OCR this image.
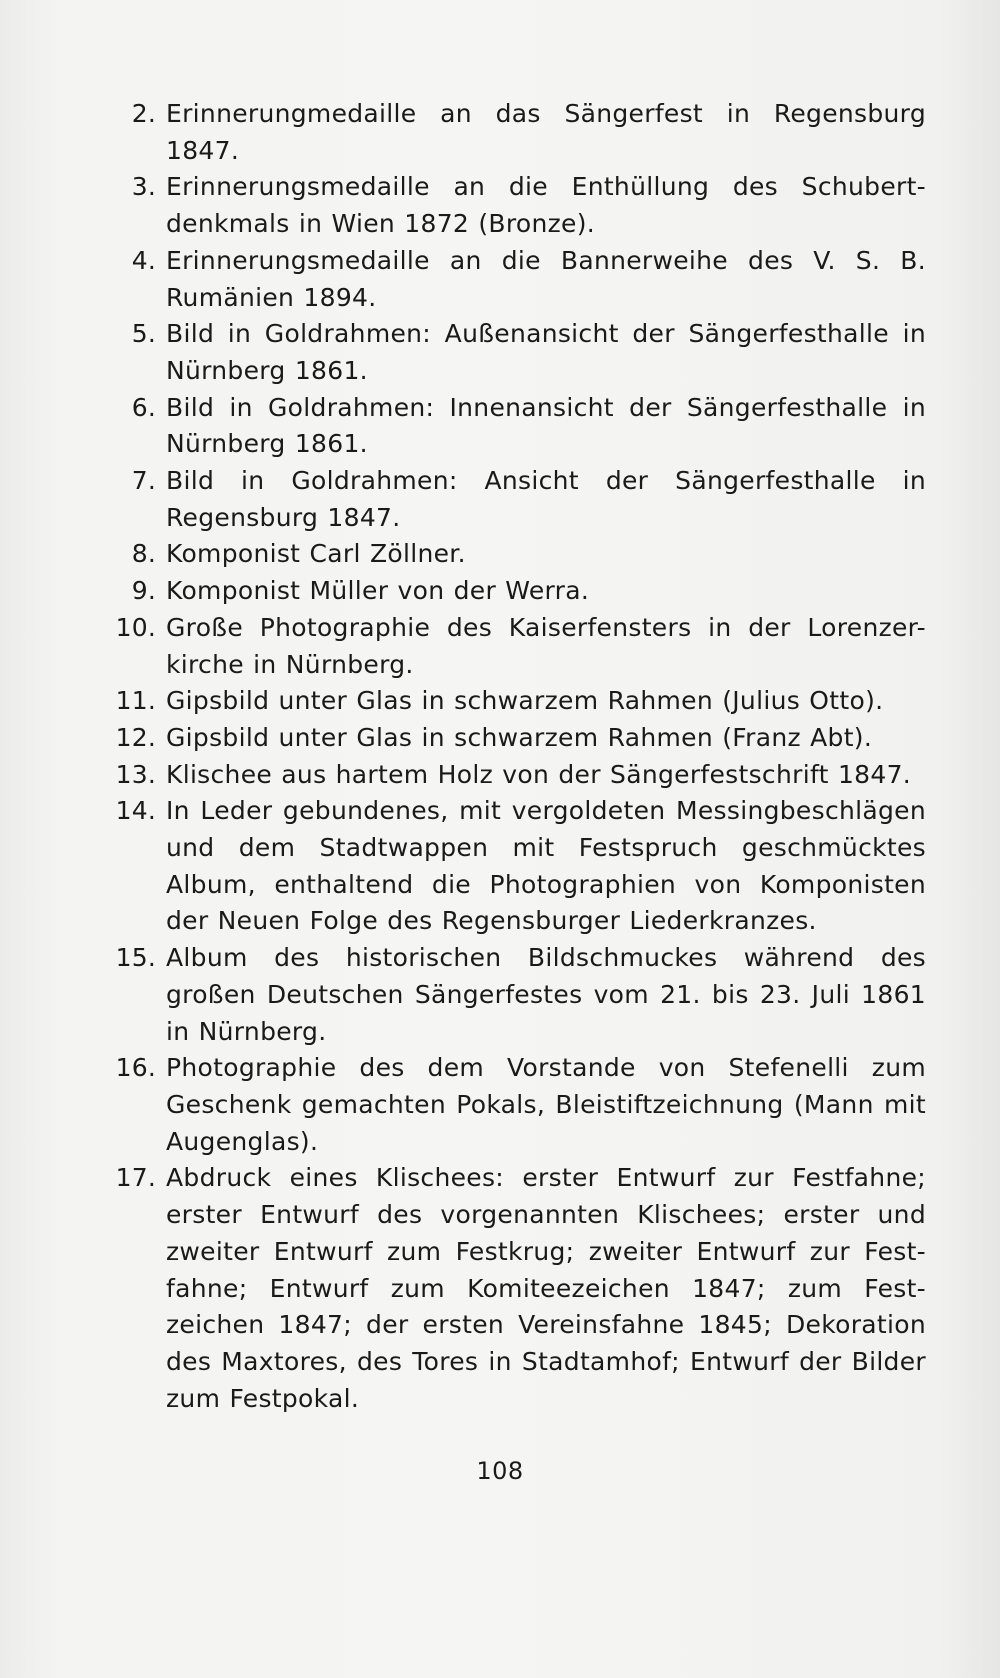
2. Erinnerungmedaille an das Sängerfest in Regensburg 1847.
3. Erinnerungsmedaille an die Enthüllung des Schubert-denkmals in Wien 1872 (Bronze).
4. Erinnerungsmedaille an die Bannerweihe des V. S. B. Rumänien 1894.
5. Bild in Goldrahmen: Außenansicht der Sängerfesthalle in Nürnberg 1861.
6. Bild in Goldrahmen: Innenansicht der Sängerfesthalle in Nürnberg 1861.
7. Bild in Goldrahmen: Ansicht der Sängerfesthalle in Regensburg 1847.
8. Komponist Carl Zöllner.
9. Komponist Müller von der Werra.
10. Große Photographie des Kaiserfensters in der Lorenzer-kirche in Nürnberg.
11. Gipsbild unter Glas in schwarzem Rahmen (Julius Otto).
12. Gipsbild unter Glas in schwarzem Rahmen (Franz Abt).
13. Klischee aus hartem Holz von der Sängerfestschrift 1847.
14. In Leder gebundenes, mit vergoldeten Messingbeschlägen und dem Stadtwappen mit Festspruch geschmücktes Album, enthaltend die Photographien von Komponisten der Neuen Folge des Regensburger Liederkranzes.
15. Album des historischen Bildschmuckes während des großen Deutschen Sängerfestes vom 21. bis 23. Juli 1861 in Nürnberg.
16. Photographie des dem Vorstande von Stefenelli zum Geschenk gemachten Pokals, Bleistiftzeichnung (Mann mit Augenglas).
17. Abdruck eines Klischees: erster Entwurf zur Festfahne; erster Entwurf des vorgenannten Klischees; erster und zweiter Entwurf zum Festkrug; zweiter Entwurf zur Fest-fahne; Entwurf zum Komiteezeichen 1847; zum Fest-zeichen 1847; der ersten Vereinsfahne 1845; Dekoration des Maxtores, des Tores in Stadtamhof; Entwurf der Bilder zum Festpokal.
108
